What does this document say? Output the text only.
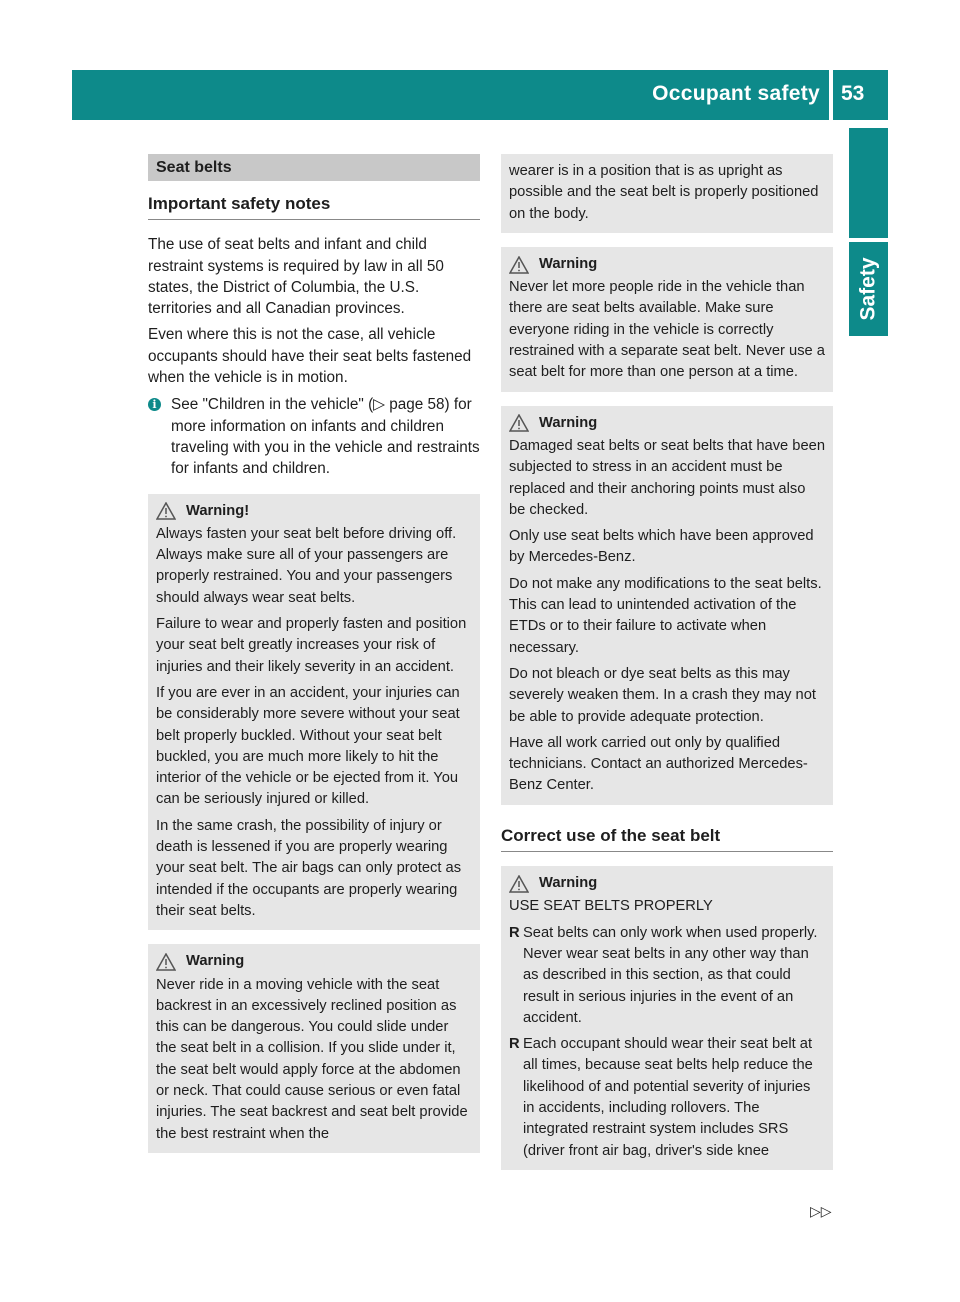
Occupant safety 53
Safety
Seat belts
Important safety notes

The use of seat belts and infant and child restraint systems is required by law in all 50 states, the District of Columbia, the U.S. territories and all Canadian provinces.

Even where this is not the case, all vehicle occupants should have their seat belts fastened when the vehicle is in motion.

i See "Children in the vehicle" (▷ page 58) for more information on infants and children traveling with you in the vehicle and restraints for infants and children.
Warning!

Always fasten your seat belt before driving off. Always make sure all of your passengers are properly restrained. You and your passengers should always wear seat belts.

Failure to wear and properly fasten and position your seat belt greatly increases your risk of injuries and their likely severity in an accident.

If you are ever in an accident, your injuries can be considerably more severe without your seat belt properly buckled. Without your seat belt buckled, you are much more likely to hit the interior of the vehicle or be ejected from it. You can be seriously injured or killed.

In the same crash, the possibility of injury or death is lessened if you are properly wearing your seat belt. The air bags can only protect as intended if the occupants are properly wearing their seat belts.

Warning

Never ride in a moving vehicle with the seat backrest in an excessively reclined position as this can be dangerous. You could slide under the seat belt in a collision. If you slide under it, the seat belt would apply force at the abdomen or neck. That could cause serious or even fatal injuries. The seat backrest and seat belt provide the best restraint when the

wearer is in a position that is as upright as possible and the seat belt is properly positioned on the body.

Warning

Never let more people ride in the vehicle than there are seat belts available. Make sure everyone riding in the vehicle is correctly restrained with a separate seat belt. Never use a seat belt for more than one person at a time.

Warning

Damaged seat belts or seat belts that have been subjected to stress in an accident must be replaced and their anchoring points must also be checked.

Only use seat belts which have been approved by Mercedes-Benz.

Do not make any modifications to the seat belts. This can lead to unintended activation of the ETDs or to their failure to activate when necessary.

Do not bleach or dye seat belts as this may severely weaken them. In a crash they may not be able to provide adequate protection.

Have all work carried out only by qualified technicians. Contact an authorized Mercedes-Benz Center.

Correct use of the seat belt
Warning

USE SEAT BELTS PROPERLY

R Seat belts can only work when used properly. Never wear seat belts in any other way than as described in this section, as that could result in serious injuries in the event of an accident.

R Each occupant should wear their seat belt at all times, because seat belts help reduce the likelihood of and potential severity of injuries in accidents, including rollovers. The integrated restraint system includes SRS (driver front air bag, driver's side knee

▷▷
